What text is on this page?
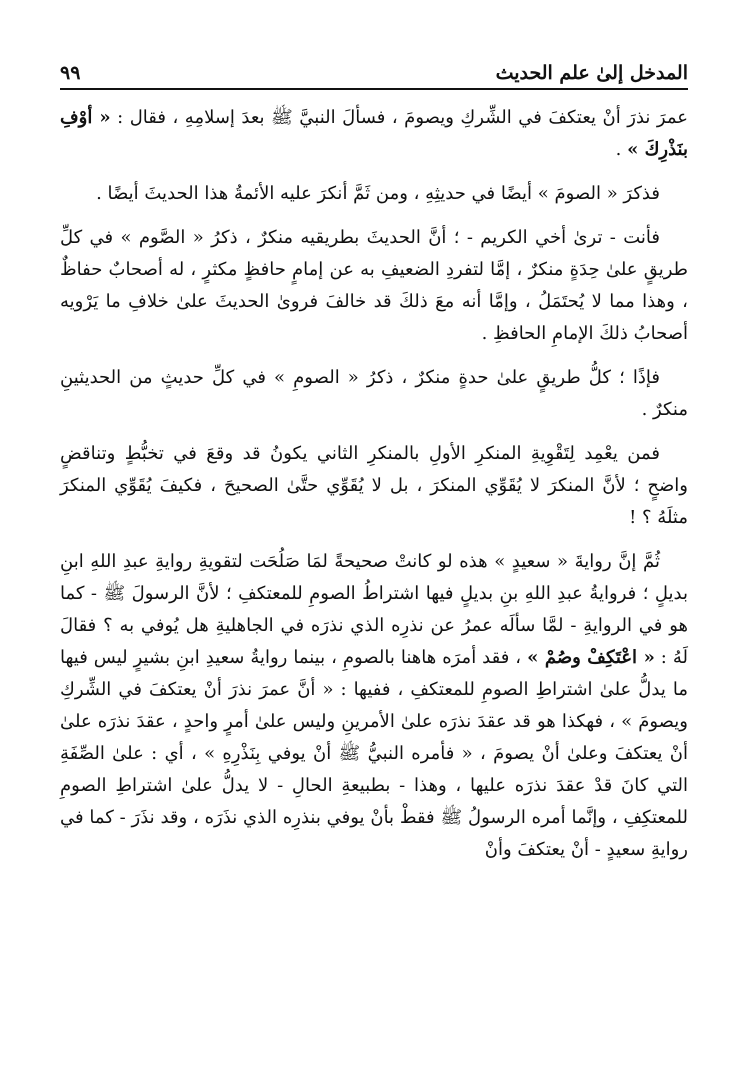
المدخل إلىٰ علم الحديث
٩٩

عمرَ نذرَ أنْ يعتكفَ في الشِّركِ ويصومَ ، فسألَ النبيَّ ﷺ بعدَ إسلامِهِ ، فقال : « أوْفِ بنَذْرِكَ » .

فذكرَ « الصومَ » أيضًا في حديثِهِ ، ومن ثَمَّ أنكرَ عليه الأئمةُ هذا الحديثَ أيضًا .

فأنت - ترىٰ أخي الكريم - ؛ أنَّ الحديثَ بطريقيه منكرٌ ، ذكرُ « الصَّوم » في كلِّ طريقٍ علىٰ حِدَةٍ منكرٌ ، إمَّا لتفردِ الضعيفِ به عن إمامٍ حافظٍ مكثرٍ ، له أصحابٌ حفاظٌ ، وهذا مما لا يُحتَمَلُ ، وإمَّا أنه معَ ذلكَ قد خالفَ فروىٰ الحديثَ علىٰ خلافِ ما يَرْويه أصحابُ ذلكَ الإمامِ الحافظِ .

فإذًا ؛ كلُّ طريقٍ علىٰ حدةٍ منكرٌ ، ذكرُ « الصومِ » في كلِّ حديثٍ من الحديثينِ منكرٌ .

فمن يعْمِد لِتَقْوِيةِ المنكرِ الأولِ بالمنكرِ الثاني يكونُ قد وقعَ في تخبُّطٍ وتناقضٍ واضحٍ ؛ لأنَّ المنكرَ لا يُقَوِّي المنكرَ ، بل لا يُقَوِّي حتَّىٰ الصحيحَ ، فكيفَ يُقَوِّي المنكرَ مثلَهُ ؟ !

ثُمَّ إنَّ روايةَ « سعيدٍ » هذه لو كانتْ صحيحةً لمَا صَلُحَت لتقويةِ روايةِ عبدِ اللهِ ابنِ بديلٍ ؛ فروايةُ عبدِ اللهِ بنِ بديلٍ فيها اشتراطُ الصومِ للمعتكفِ ؛ لأنَّ الرسولَ ﷺ - كما هو في الروايةِ - لمَّا سألَه عمرُ عن نذرِه الذي نذرَه في الجاهليةِ هل يُوفي به ؟ فقالَ لَهُ : « اعْتَكِفْ وصُمْ » ، فقد أمرَه هاهنا بالصومِ ، بينما روايةُ سعيدِ ابنِ بشيرٍ ليس فيها ما يدلُّ علىٰ اشتراطِ الصومِ للمعتكفِ ، ففيها : « أنَّ عمرَ نذرَ أنْ يعتكفَ في الشِّركِ ويصومَ » ، فهكذا هو قد عقدَ نذرَه علىٰ الأمرينِ وليس علىٰ أمرٍ واحدٍ ، عقدَ نذرَه علىٰ أنْ يعتكفَ وعلىٰ أنْ يصومَ ، « فأمره النبيُّ ﷺ أنْ يوفي بِنَذْرِهِ » ، أي : علىٰ الصِّفَةِ التي كانَ قدْ عقدَ نذرَه عليها ، وهذا - بطبيعةِ الحالِ - لا يدلُّ علىٰ اشتراطِ الصومِ للمعتكِفِ ، وإنَّما أمره الرسولُ ﷺ فقطْ بأنْ يوفي بنذرِه الذي نذَرَه ، وقد نذَرَ - كما في روايةِ سعيدٍ - أنْ يعتكفَ وأنْ
